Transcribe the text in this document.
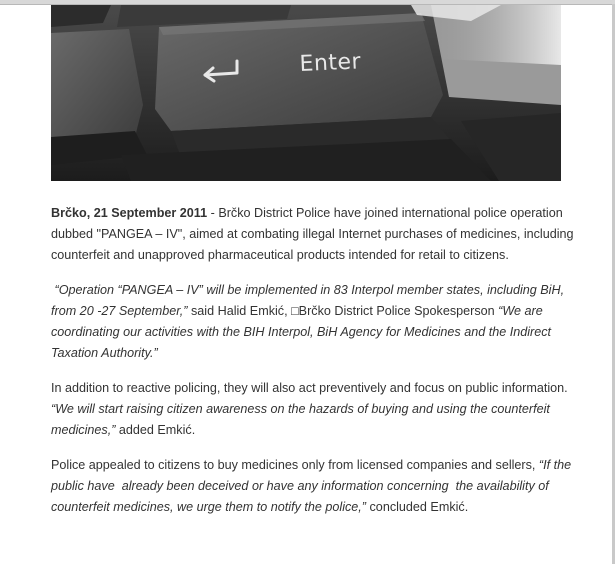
Enter

Brčko, 21 September 2011 - Brčko District Police have joined international police operation dubbed "PANGEA – IV", aimed at combating illegal Internet purchases of medicines, including counterfeit and unapproved pharmaceutical products intended for retail to citizens.

“Operation “PANGEA – IV” will be implemented in 83 Interpol member states, including BiH, from 20 -27 September,” said Halid Emkić, □Brčko District Police Spokesperson “We are coordinating our activities with the BIH Interpol, BiH Agency for Medicines and the Indirect Taxation Authority.”

In addition to reactive policing, they will also act preventively and focus on public information. “We will start raising citizen awareness on the hazards of buying and using the counterfeit medicines,” added Emkić.

Police appealed to citizens to buy medicines only from licensed companies and sellers, “If the public have  already been deceived or have any information concerning  the availability of counterfeit medicines, we urge them to notify the police,” concluded Emkić.
